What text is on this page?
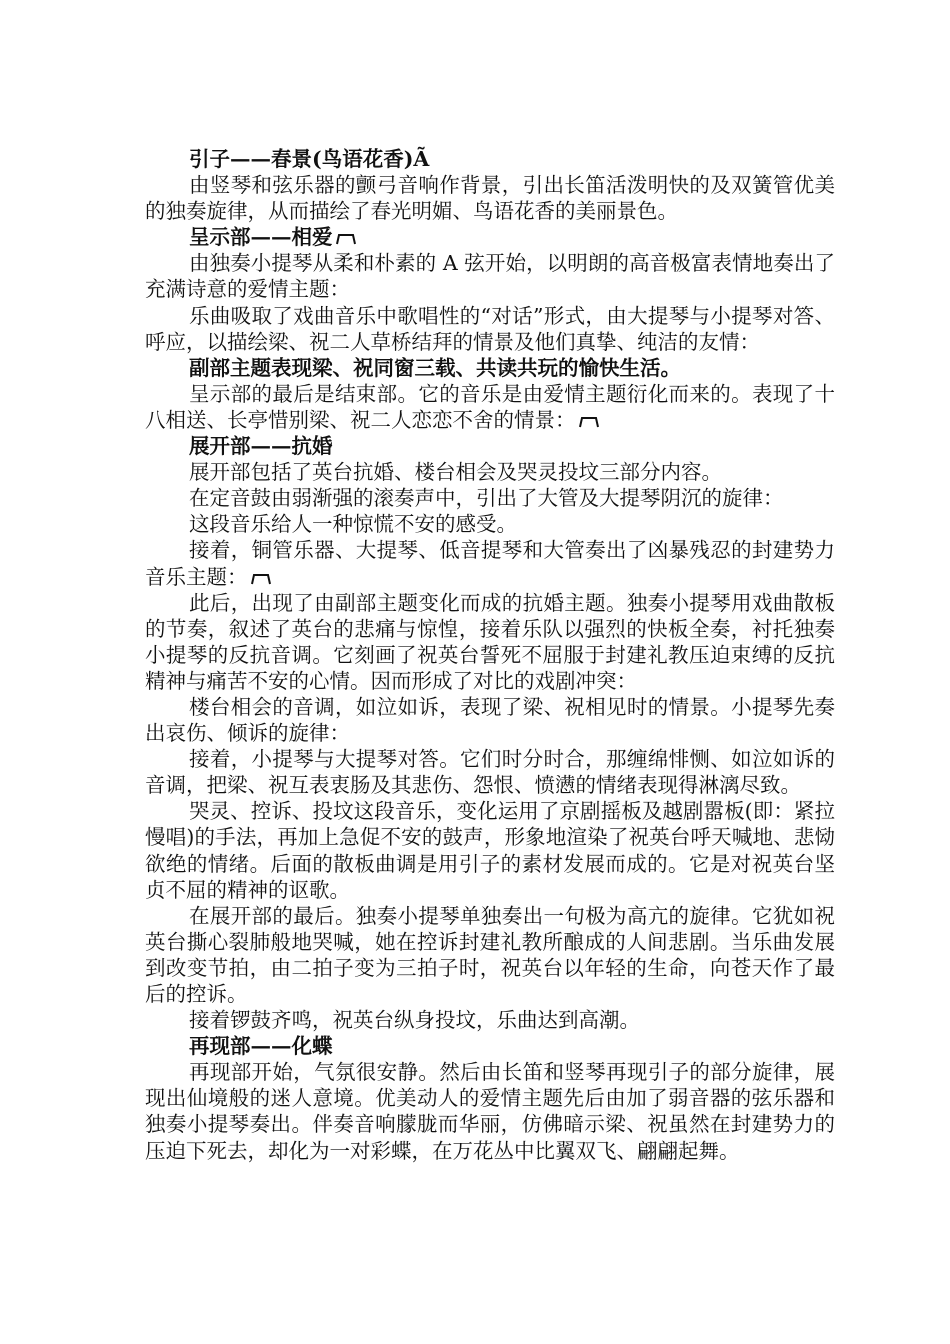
引子——春景(鸟语花香)Ã

由竖琴和弦乐器的颤弓音响作背景，引出长笛活泼明快的及双簧管优美的独奏旋律，从而描绘了春光明媚、鸟语花香的美丽景色。

呈示部——相爱

由独奏小提琴从柔和朴素的 A 弦开始，以明朗的高音极富表情地奏出了充满诗意的爱情主题：

乐曲吸取了戏曲音乐中歌唱性的“对话”形式，由大提琴与小提琴对答、呼应，以描绘梁、祝二人草桥结拜的情景及他们真挚、纯洁的友情：

副部主题表现梁、祝同窗三载、共读共玩的愉快生活。

呈示部的最后是结束部。它的音乐是由爱情主题衍化而来的。表现了十八相送、长亭惜别梁、祝二人恋恋不舍的情景：

展开部——抗婚

展开部包括了英台抗婚、楼台相会及哭灵投坟三部分内容。

在定音鼓由弱渐强的滚奏声中，引出了大管及大提琴阴沉的旋律：

这段音乐给人一种惊慌不安的感受。

接着，铜管乐器、大提琴、低音提琴和大管奏出了凶暴残忍的封建势力音乐主题：

此后，出现了由副部主题变化而成的抗婚主题。独奏小提琴用戏曲散板的节奏，叙述了英台的悲痛与惊惶，接着乐队以强烈的快板全奏，衬托独奏小提琴的反抗音调。它刻画了祝英台誓死不屈服于封建礼教压迫束缚的反抗精神与痛苦不安的心情。因而形成了对比的戏剧冲突：

楼台相会的音调，如泣如诉，表现了梁、祝相见时的情景。小提琴先奏出哀伤、倾诉的旋律：

接着，小提琴与大提琴对答。它们时分时合，那缠绵悱恻、如泣如诉的音调，把梁、祝互表衷肠及其悲伤、怨恨、愤懑的情绪表现得淋漓尽致。

哭灵、控诉、投坟这段音乐，变化运用了京剧摇板及越剧嚣板(即：紧拉慢唱)的手法，再加上急促不安的鼓声，形象地渲染了祝英台呼天喊地、悲恸欲绝的情绪。后面的散板曲调是用引子的素材发展而成的。它是对祝英台坚贞不屈的精神的讴歌。

在展开部的最后。独奏小提琴单独奏出一句极为高亢的旋律。它犹如祝英台撕心裂肺般地哭喊，她在控诉封建礼教所酿成的人间悲剧。当乐曲发展到改变节拍，由二拍子变为三拍子时，祝英台以年轻的生命，向苍天作了最后的控诉。

接着锣鼓齐鸣，祝英台纵身投坟，乐曲达到高潮。

再现部——化蝶

再现部开始，气氛很安静。然后由长笛和竖琴再现引子的部分旋律，展现出仙境般的迷人意境。优美动人的爱情主题先后由加了弱音器的弦乐器和独奏小提琴奏出。伴奏音响朦胧而华丽，仿佛暗示梁、祝虽然在封建势力的压迫下死去，却化为一对彩蝶，在万花丛中比翼双飞、翩翩起舞。
